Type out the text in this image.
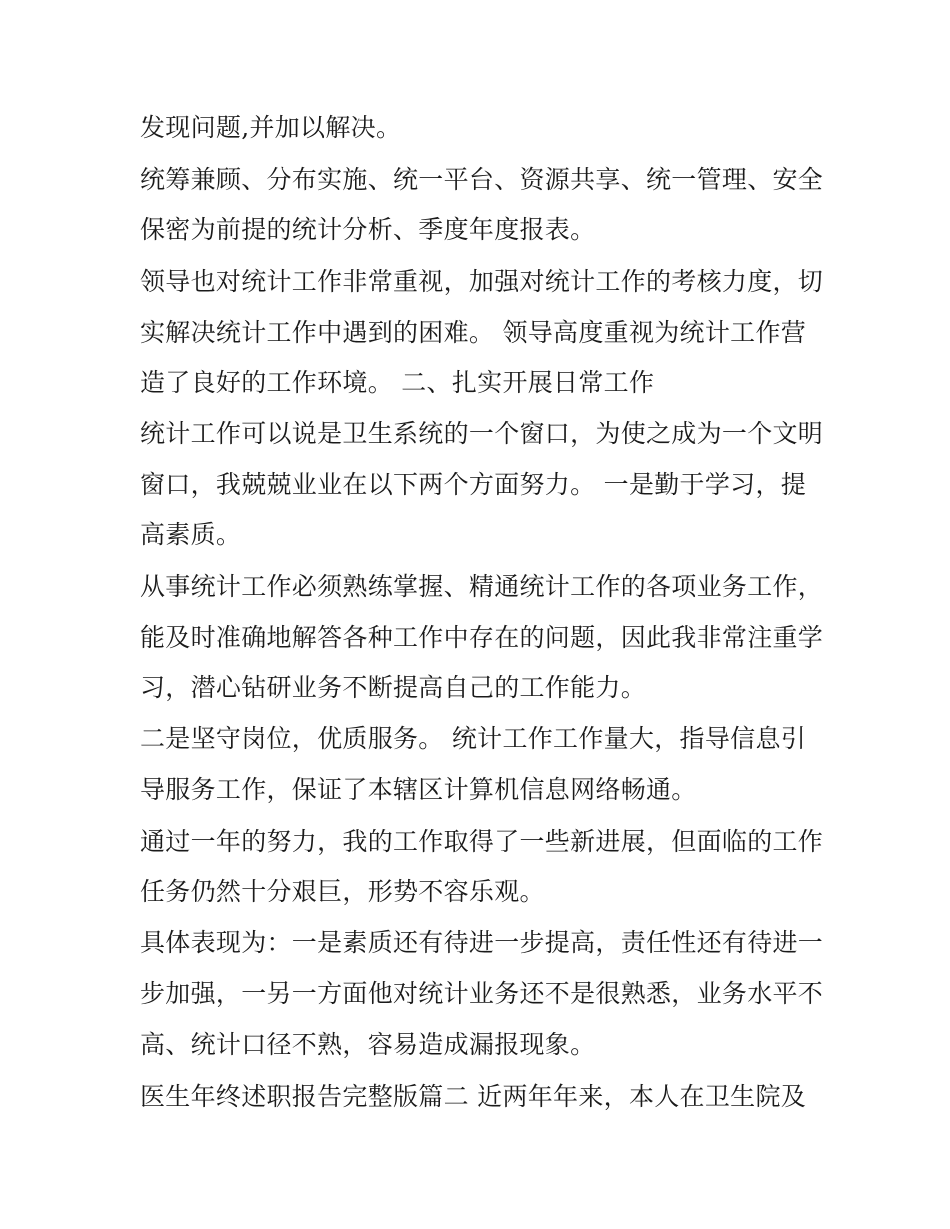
发现问题,并加以解决。
统筹兼顾、分布实施、统一平台、资源共享、统一管理、安全
保密为前提的统计分析、季度年度报表。
领导也对统计工作非常重视，加强对统计工作的考核力度，切
实解决统计工作中遇到的困难。 领导高度重视为统计工作营
造了良好的工作环境。 二、扎实开展日常工作
统计工作可以说是卫生系统的一个窗口，为使之成为一个文明
窗口，我兢兢业业在以下两个方面努力。 一是勤于学习，提
高素质。
从事统计工作必须熟练掌握、精通统计工作的各项业务工作，
能及时准确地解答各种工作中存在的问题，因此我非常注重学
习，潜心钻研业务不断提高自己的工作能力。
二是坚守岗位，优质服务。 统计工作工作量大，指导信息引
导服务工作，保证了本辖区计算机信息网络畅通。
通过一年的努力，我的工作取得了一些新进展，但面临的工作
任务仍然十分艰巨，形势不容乐观。
具体表现为：一是素质还有待进一步提高，责任性还有待进一
步加强，一另一方面他对统计业务还不是很熟悉，业务水平不
高、统计口径不熟，容易造成漏报现象。
医生年终述职报告完整版篇二 近两年年来，本人在卫生院及
